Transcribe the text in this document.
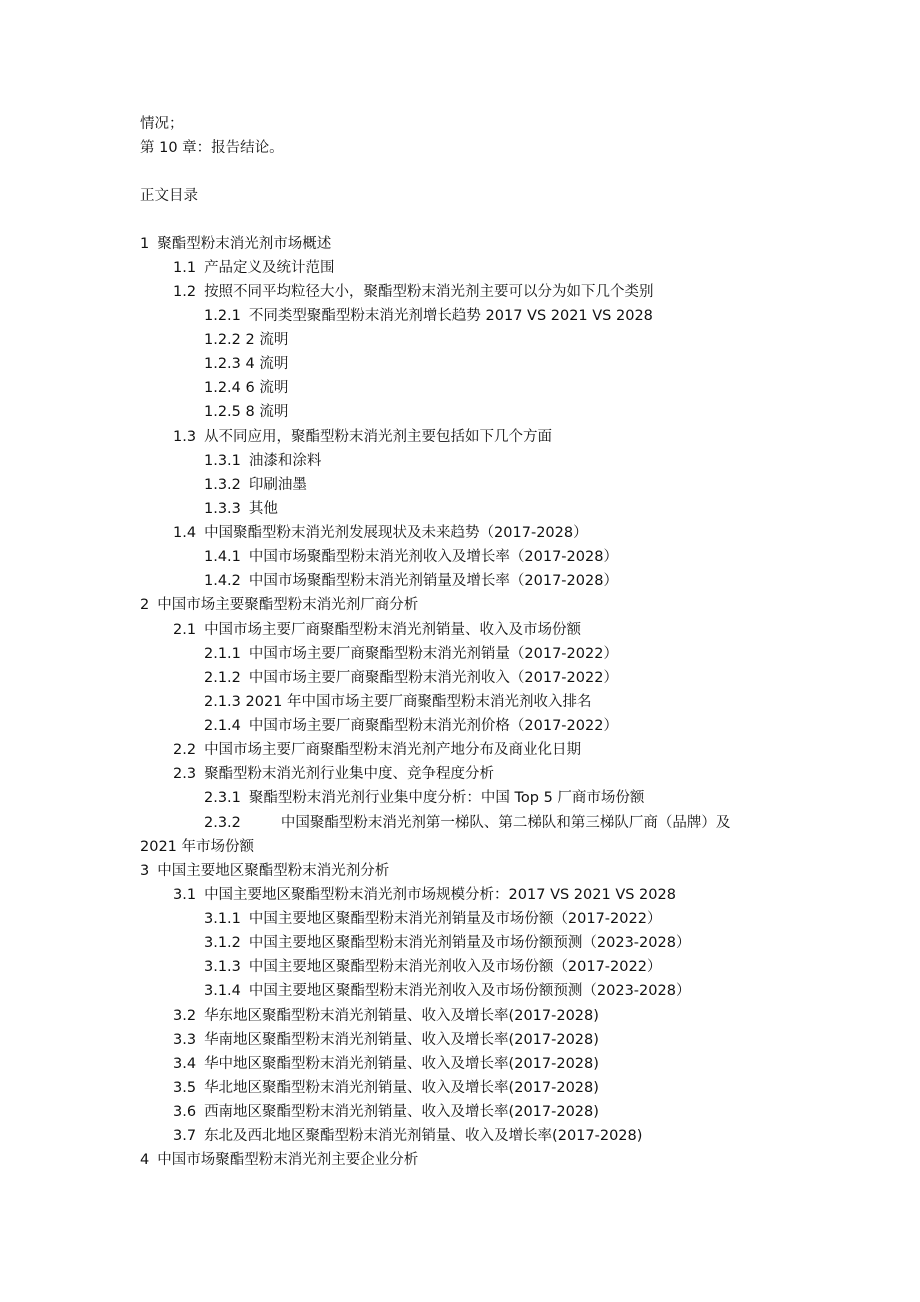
情况；
第 10 章：报告结论。
正文目录
1 聚酯型粉末消光剂市场概述
1.1 产品定义及统计范围
1.2 按照不同平均粒径大小，聚酯型粉末消光剂主要可以分为如下几个类别
1.2.1 不同类型聚酯型粉末消光剂增长趋势 2017 VS 2021 VS 2028
1.2.2 2 流明
1.2.3 4 流明
1.2.4 6 流明
1.2.5 8 流明
1.3 从不同应用，聚酯型粉末消光剂主要包括如下几个方面
1.3.1 油漆和涂料
1.3.2 印刷油墨
1.3.3 其他
1.4 中国聚酯型粉末消光剂发展现状及未来趋势（2017-2028）
1.4.1 中国市场聚酯型粉末消光剂收入及增长率（2017-2028）
1.4.2 中国市场聚酯型粉末消光剂销量及增长率（2017-2028）
2 中国市场主要聚酯型粉末消光剂厂商分析
2.1 中国市场主要厂商聚酯型粉末消光剂销量、收入及市场份额
2.1.1 中国市场主要厂商聚酯型粉末消光剂销量（2017-2022）
2.1.2 中国市场主要厂商聚酯型粉末消光剂收入（2017-2022）
2.1.3 2021 年中国市场主要厂商聚酯型粉末消光剂收入排名
2.1.4 中国市场主要厂商聚酯型粉末消光剂价格（2017-2022）
2.2 中国市场主要厂商聚酯型粉末消光剂产地分布及商业化日期
2.3 聚酯型粉末消光剂行业集中度、竞争程度分析
2.3.1 聚酯型粉末消光剂行业集中度分析：中国 Top 5 厂商市场份额
2.3.2	中国聚酯型粉末消光剂第一梯队、第二梯队和第三梯队厂商（品牌）及
2021 年市场份额
3 中国主要地区聚酯型粉末消光剂分析
3.1 中国主要地区聚酯型粉末消光剂市场规模分析：2017 VS 2021 VS 2028
3.1.1 中国主要地区聚酯型粉末消光剂销量及市场份额（2017-2022）
3.1.2 中国主要地区聚酯型粉末消光剂销量及市场份额预测（2023-2028）
3.1.3 中国主要地区聚酯型粉末消光剂收入及市场份额（2017-2022）
3.1.4 中国主要地区聚酯型粉末消光剂收入及市场份额预测（2023-2028）
3.2 华东地区聚酯型粉末消光剂销量、收入及增长率(2017-2028)
3.3 华南地区聚酯型粉末消光剂销量、收入及增长率(2017-2028)
3.4 华中地区聚酯型粉末消光剂销量、收入及增长率(2017-2028)
3.5 华北地区聚酯型粉末消光剂销量、收入及增长率(2017-2028)
3.6 西南地区聚酯型粉末消光剂销量、收入及增长率(2017-2028)
3.7 东北及西北地区聚酯型粉末消光剂销量、收入及增长率(2017-2028)
4 中国市场聚酯型粉末消光剂主要企业分析
